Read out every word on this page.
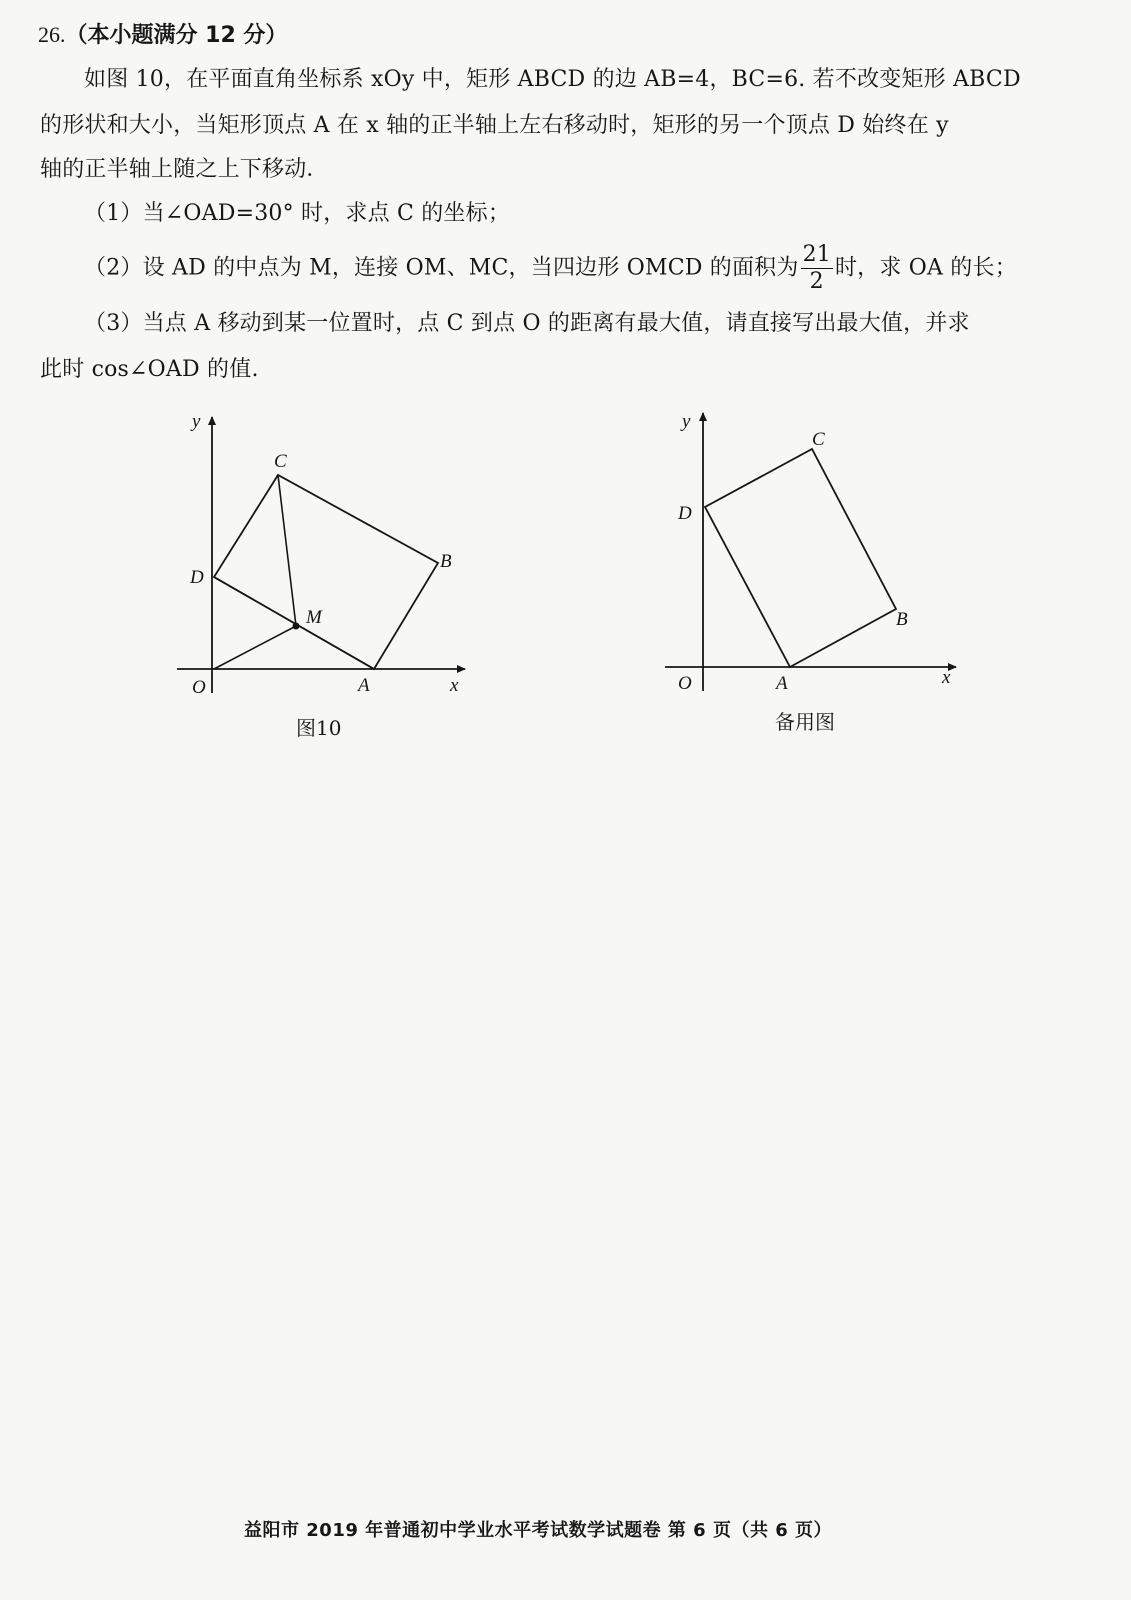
26.（本小题满分 12 分）
如图 10，在平面直角坐标系 xOy 中，矩形 ABCD 的边 AB=4，BC=6. 若不改变矩形 ABCD
的形状和大小，当矩形顶点 A 在 x 轴的正半轴上左右移动时，矩形的另一个顶点 D 始终在 y
轴的正半轴上随之上下移动．
（1）当∠OAD=30° 时，求点 C 的坐标；
（2）设 AD 的中点为 M，连接 OM、MC，当四边形 OMCD 的面积为 $\frac{21}{2}$ 时，求 OA 的长；
（3）当点 A 移动到某一位置时，点 C 到点 O 的距离有最大值，请直接写出最大值，并求
此时 cos∠OAD 的值.
y
x
O	A
B
C
D
M
图10
y
x
O	A
B
C
D
备用图
益阳市 2019 年普通初中学业水平考试数学试题卷 第 6 页（共 6 页）
